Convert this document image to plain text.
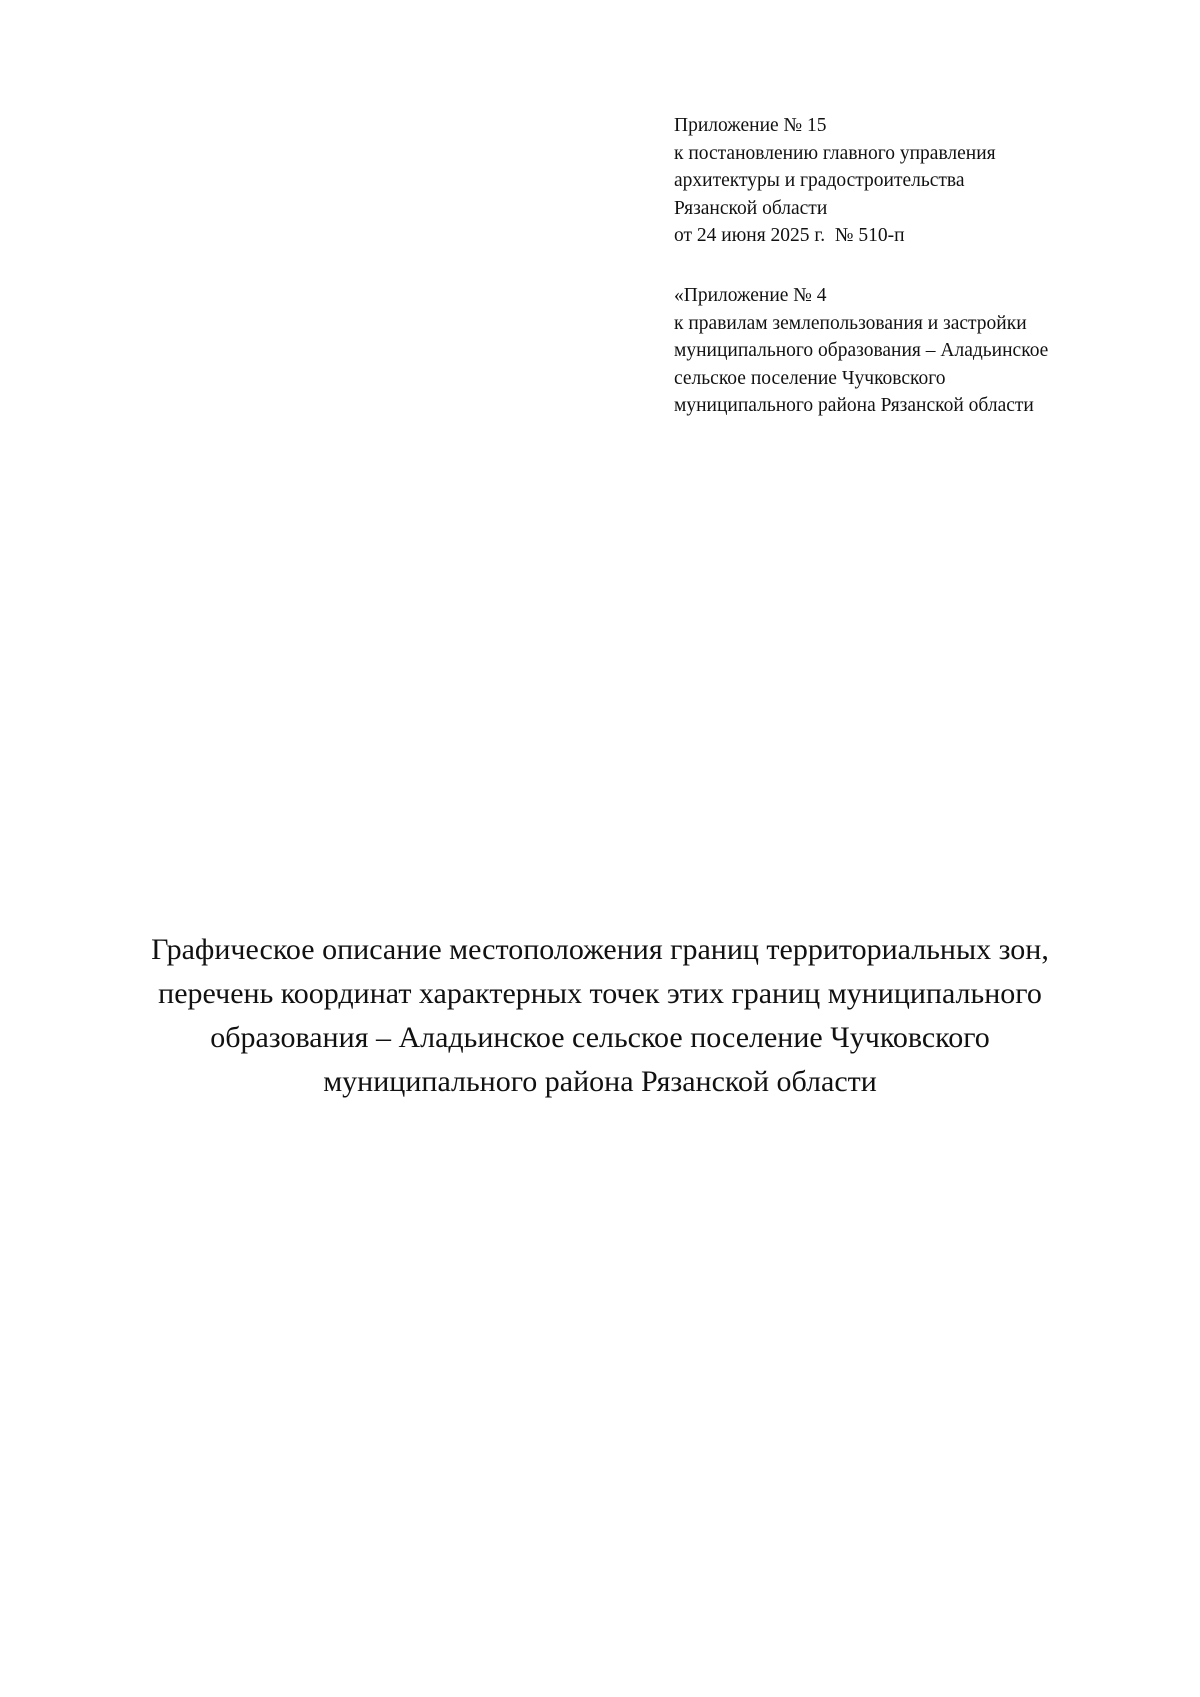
Приложение № 15
к постановлению главного управления
архитектуры и градостроительства
Рязанской области
от 24 июня 2025 г.  № 510-п
«Приложение № 4
к правилам землепользования и застройки
муниципального образования – Аладьинское
сельское поселение Чучковского
муниципального района Рязанской области
Графическое описание местоположения границ территориальных зон,
перечень координат характерных точек этих границ муниципального
образования – Аладьинское сельское поселение Чучковского
муниципального района Рязанской области
